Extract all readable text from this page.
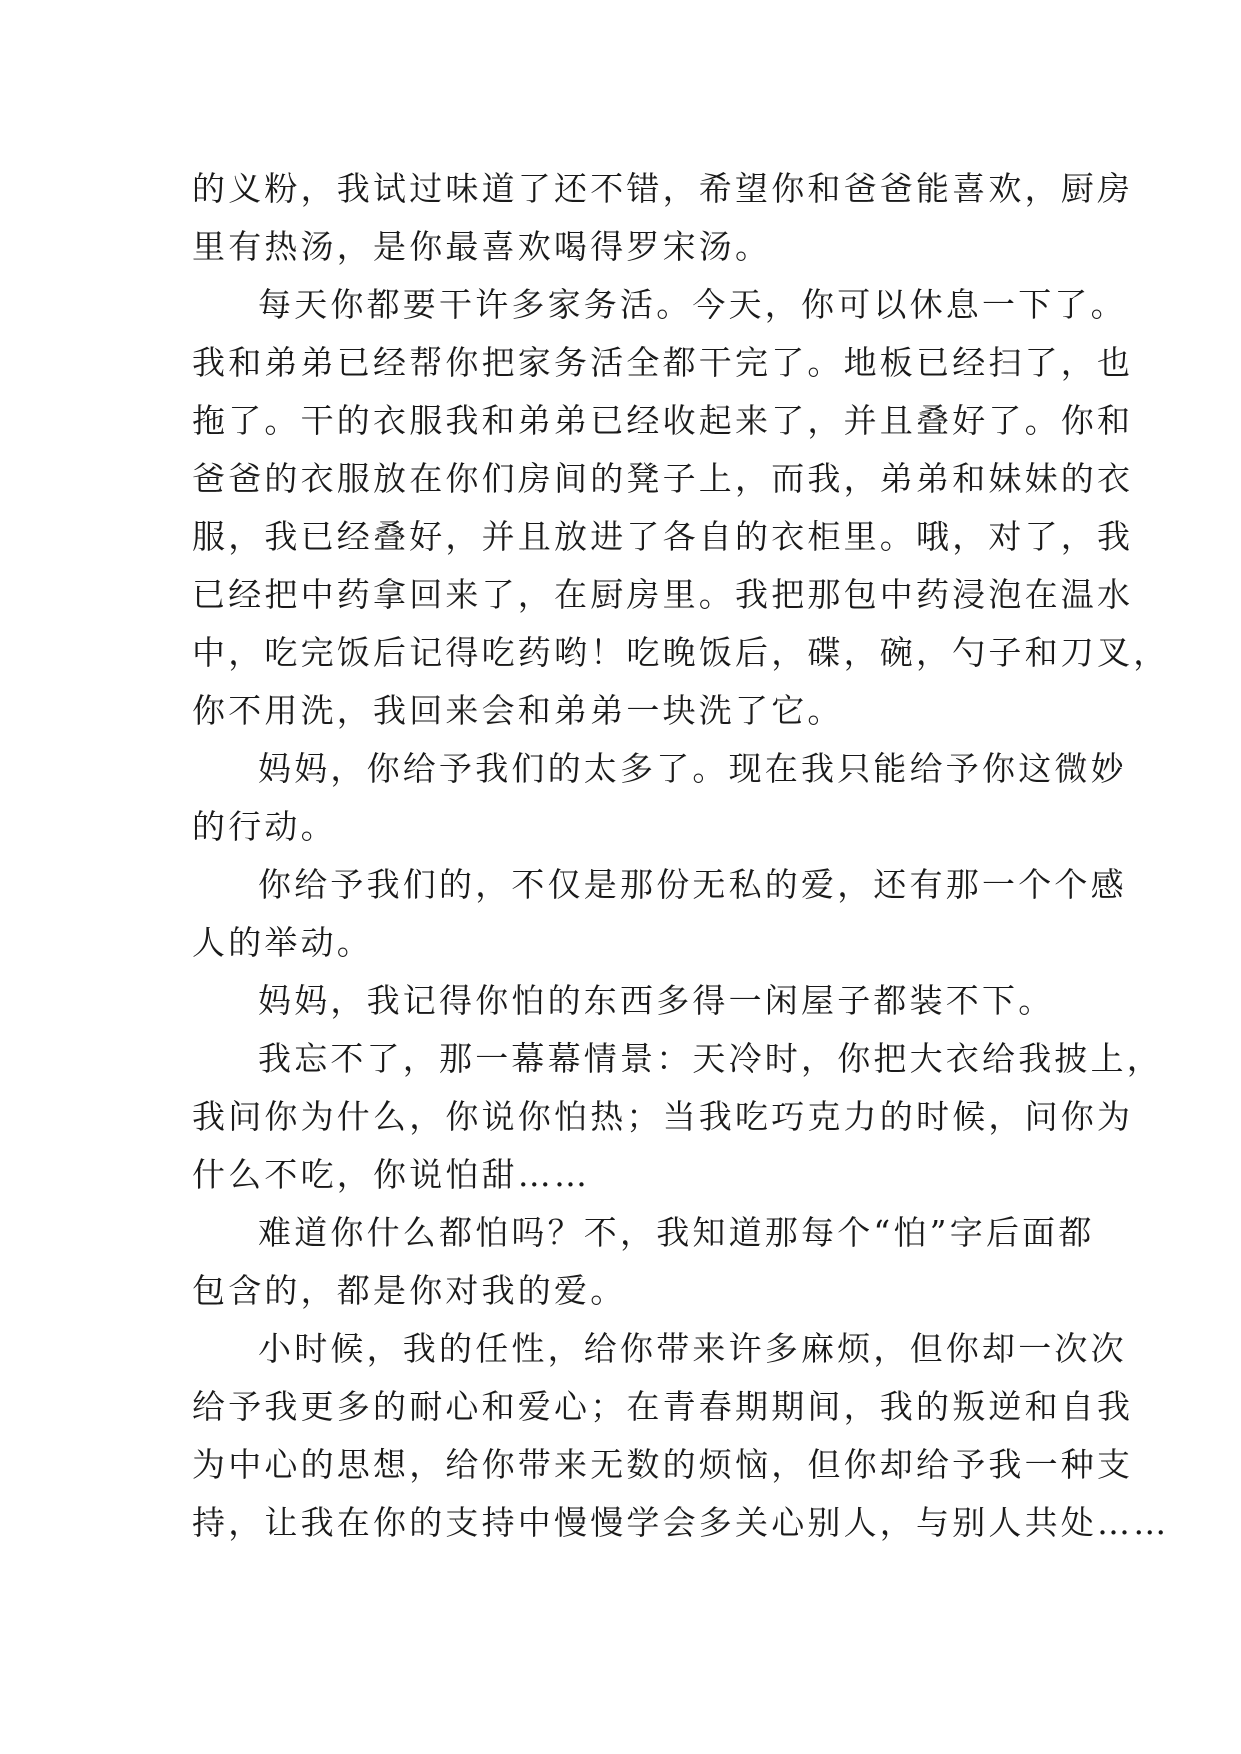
的义粉，我试过味道了还不错，希望你和爸爸能喜欢，厨房
里有热汤，是你最喜欢喝得罗宋汤。
每天你都要干许多家务活。今天，你可以休息一下了。
我和弟弟已经帮你把家务活全都干完了。地板已经扫了，也
拖了。干的衣服我和弟弟已经收起来了，并且叠好了。你和
爸爸的衣服放在你们房间的凳子上，而我，弟弟和妹妹的衣
服，我已经叠好，并且放进了各自的衣柜里。哦，对了，我
已经把中药拿回来了，在厨房里。我把那包中药浸泡在温水
中，吃完饭后记得吃药哟！吃晚饭后，碟，碗，勺子和刀叉，
你不用洗，我回来会和弟弟一块洗了它。
妈妈，你给予我们的太多了。现在我只能给予你这微妙
的行动。
你给予我们的，不仅是那份无私的爱，还有那一个个感
人的举动。
妈妈，我记得你怕的东西多得一闲屋子都装不下。
我忘不了，那一幕幕情景：天冷时，你把大衣给我披上，
我问你为什么，你说你怕热；当我吃巧克力的时候，问你为
什么不吃，你说怕甜……
难道你什么都怕吗？不，我知道那每个“怕”字后面都
包含的，都是你对我的爱。
小时候，我的任性，给你带来许多麻烦，但你却一次次
给予我更多的耐心和爱心；在青春期期间，我的叛逆和自我
为中心的思想，给你带来无数的烦恼，但你却给予我一种支
持，让我在你的支持中慢慢学会多关心别人，与别人共处……
